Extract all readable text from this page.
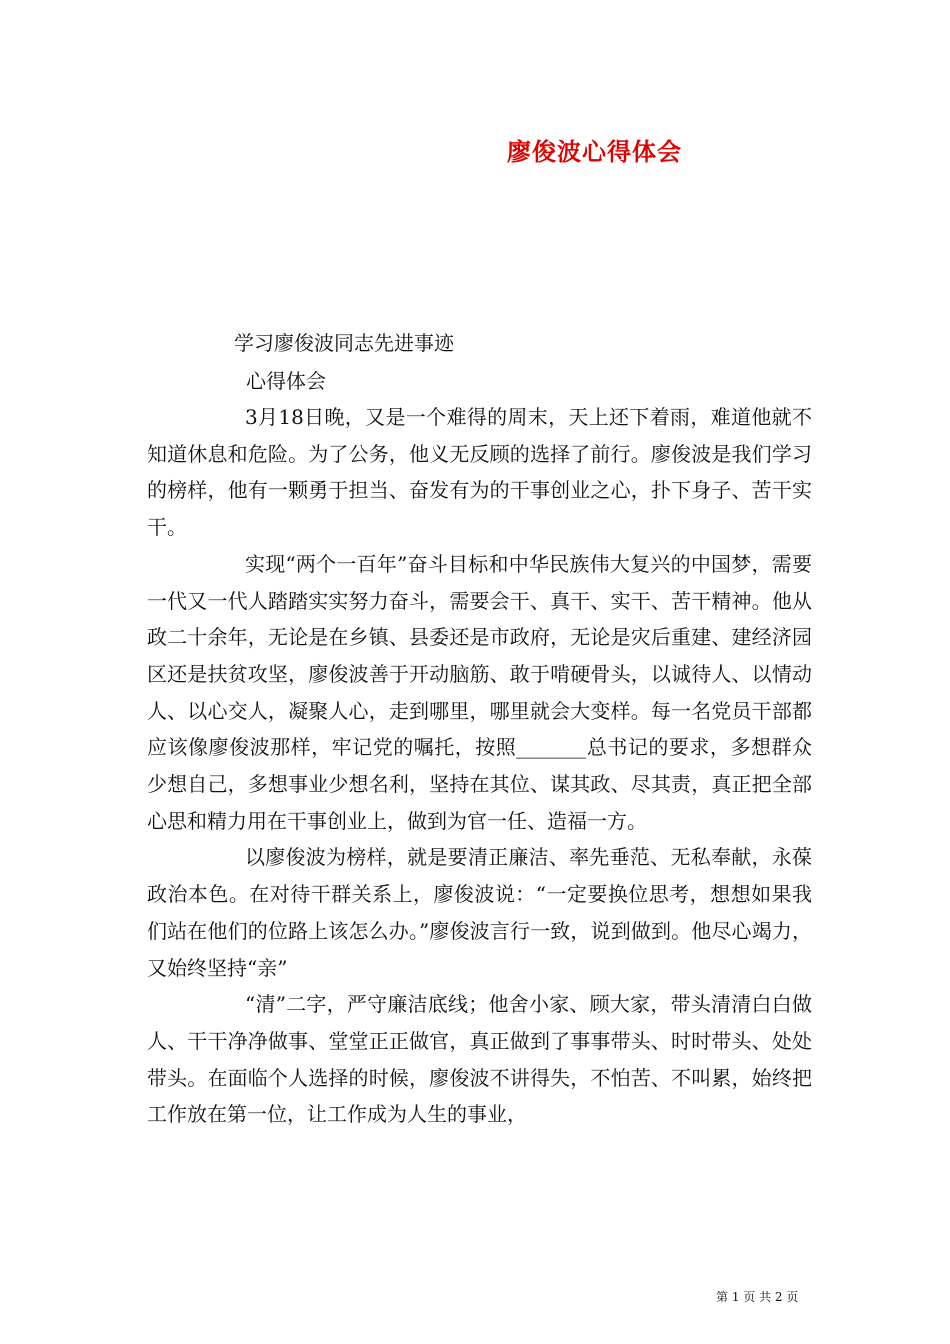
廖俊波心得体会
学习廖俊波同志先进事迹
心得体会

3月18日晚，又是一个难得的周末，天上还下着雨，难道他就不知道休息和危险。为了公务，他义无反顾的选择了前行。廖俊波是我们学习的榜样，他有一颗勇于担当、奋发有为的干事创业之心，扑下身子、苦干实干。

实现“两个一百年”奋斗目标和中华民族伟大复兴的中国梦，需要一代又一代人踏踏实实努力奋斗，需要会干、真干、实干、苦干精神。他从政二十余年，无论是在乡镇、县委还是市政府，无论是灾后重建、建经济园区还是扶贫攻坚，廖俊波善于开动脑筋、敢于啃硬骨头，以诚待人、以情动人、以心交人，凝聚人心，走到哪里，哪里就会大变样。每一名党员干部都应该像廖俊波那样，牢记党的嘱托，按照_______总书记的要求，多想群众少想自己，多想事业少想名利，坚持在其位、谋其政、尽其责，真正把全部心思和精力用在干事创业上，做到为官一任、造福一方。

以廖俊波为榜样，就是要清正廉洁、率先垂范、无私奉献，永葆政治本色。在对待干群关系上，廖俊波说：“一定要换位思考，想想如果我们站在他们的位路上该怎么办。”廖俊波言行一致，说到做到。他尽心竭力，又始终坚持“亲”

“清”二字，严守廉洁底线；他舍小家、顾大家，带头清清白白做人、干干净净做事、堂堂正正做官，真正做到了事事带头、时时带头、处处带头。在面临个人选择的时候，廖俊波不讲得失，不怕苦、不叫累，始终把工作放在第一位，让工作成为人生的事业，

第 1 页 共 2 页
